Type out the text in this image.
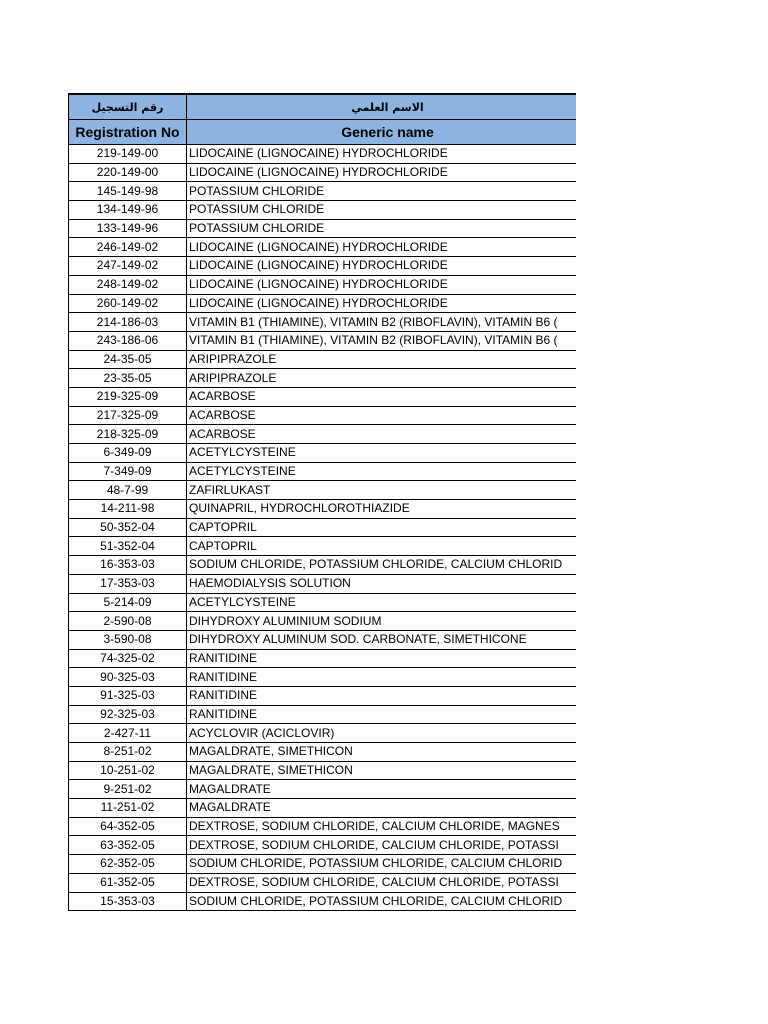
رقم التسجيل	الاسم العلمي
Registration No	Generic name
219-149-00	LIDOCAINE (LIGNOCAINE) HYDROCHLORIDE
220-149-00	LIDOCAINE (LIGNOCAINE) HYDROCHLORIDE
145-149-98	POTASSIUM CHLORIDE
134-149-96	POTASSIUM CHLORIDE
133-149-96	POTASSIUM CHLORIDE
246-149-02	LIDOCAINE (LIGNOCAINE) HYDROCHLORIDE
247-149-02	LIDOCAINE (LIGNOCAINE) HYDROCHLORIDE
248-149-02	LIDOCAINE (LIGNOCAINE) HYDROCHLORIDE
260-149-02	LIDOCAINE (LIGNOCAINE) HYDROCHLORIDE
214-186-03	VITAMIN B1 (THIAMINE), VITAMIN B2 (RIBOFLAVIN), VITAMIN B6 (
243-186-06	VITAMIN B1 (THIAMINE), VITAMIN B2 (RIBOFLAVIN), VITAMIN B6 (
24-35-05	ARIPIPRAZOLE
23-35-05	ARIPIPRAZOLE
219-325-09	ACARBOSE
217-325-09	ACARBOSE
218-325-09	ACARBOSE
6-349-09	ACETYLCYSTEINE
7-349-09	ACETYLCYSTEINE
48-7-99	ZAFIRLUKAST
14-211-98	QUINAPRIL, HYDROCHLOROTHIAZIDE
50-352-04	CAPTOPRIL
51-352-04	CAPTOPRIL
16-353-03	SODIUM CHLORIDE, POTASSIUM CHLORIDE, CALCIUM CHLORID
17-353-03	HAEMODIALYSIS SOLUTION
5-214-09	ACETYLCYSTEINE
2-590-08	DIHYDROXY ALUMINIUM SODIUM
3-590-08	DIHYDROXY ALUMINUM SOD. CARBONATE, SIMETHICONE
74-325-02	RANITIDINE
90-325-03	RANITIDINE
91-325-03	RANITIDINE
92-325-03	RANITIDINE
2-427-11	ACYCLOVIR (ACICLOVIR)
8-251-02	MAGALDRATE, SIMETHICON
10-251-02	MAGALDRATE, SIMETHICON
9-251-02	MAGALDRATE
11-251-02	MAGALDRATE
64-352-05	DEXTROSE, SODIUM CHLORIDE, CALCIUM CHLORIDE, MAGNES
63-352-05	DEXTROSE, SODIUM CHLORIDE, CALCIUM CHLORIDE, POTASSI
62-352-05	SODIUM CHLORIDE, POTASSIUM CHLORIDE, CALCIUM CHLORID
61-352-05	DEXTROSE, SODIUM CHLORIDE, CALCIUM CHLORIDE, POTASSI
15-353-03	SODIUM CHLORIDE, POTASSIUM CHLORIDE, CALCIUM CHLORID
